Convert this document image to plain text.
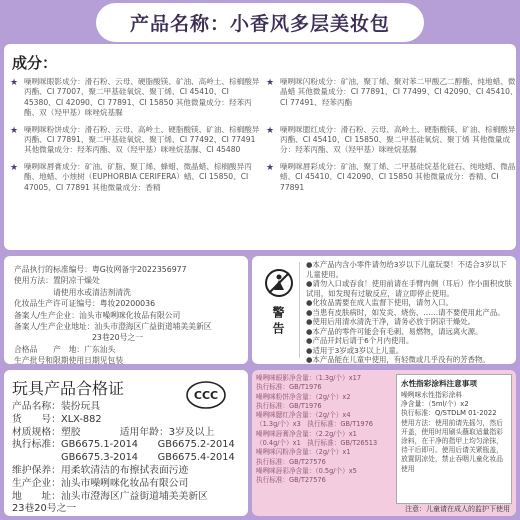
产品名称：小香风多层美妆包
成分：
★ 噪咧咪眼影成分：滑石粉、云母、硬脂酸镁、矿油、高岭土、棕榈酸异丙酯、CI 77007、聚二甲基硅氧烷、聚丁烯、CI 45410、CI 45380、CI 42090、CI 77891、CI 15850 其他微量成分：羟苯丙酯、双（羟甲基）咪唑烷基脲
★ 噪咧咪闪粉成分：矿油、聚丁烯、聚对苯二甲酸乙二醇酯、纯地蜡、微晶蜡 其他微量成分：CI 77891、CI 77499、CI 42090、CI 45410、CI 77491、羟苯丙酯
★ 噪咧咪粉饼成分：滑石粉、云母、高岭土、硬脂酸镁、矿油、棕榈酸异丙酯、CI 77891、聚二甲基硅氧烷、聚丁烯、CI 77492、CI 77491 其他微量成分：羟苯丙酯、双（羟甲基）咪唑烷基脲、CI 45480
★ 噪咧咪腮红成分：滑石粉、云母、高岭土、硬脂酸镁、矿油、棕榈酸异丙酯、CI 45410、CI 15850、聚二甲基硅氧烷、聚丁烯 其他微量成分：羟苯丙酯、双（羟甲基）咪唑烷基脲
★ 噪咧咪唇膏成分：矿油、矿脂、聚丁烯、蜂蜡、微晶蜡、棕榈酸异丙酯、地蜡、小烛树（EUPHORBIA CERIFERA）蜡、CI 15850、CI 47005、CI 77891 其他微量成分：香精
★ 噪咧咪唇彩成分：矿油、聚丁烯、二甲基硅烷基化硅石、纯地蜡、微晶蜡、CI 45410、CI 42090、CI 15850 其他微量成分：香精、CI 77891
产品执行的标准编号：粤G妆网备字2022356977
使用方法：置阴凉干燥处
　　　　　请使用水或清洁剂清洗
化妆品生产许可证编号：粤妆20200036
备案人/生产企业：汕头市噪咧咪化妆品有限公司
备案人/生产企业地址：汕头市澄海区广益街道埔美美新区
　　　　　　　　　　23巷20号之一
合格品　　产　地：广东汕头
生产批号和限期使用日期见包装
警告
●本产品内含小零件请勿给3岁以下儿童玩耍！不适合3岁以下儿童使用。
●请勿入口或吞食！使用前请在手臂内侧（耳后）作小面积皮肤试用，如发现有过敏反应，请立即停止使用。
●化妆品需要在成人监督下使用，请勿入口。
●当患有皮肤病时，如发炎、烧伤、……请不要使用此产品。
●使用后用清水清洗干净，请务必放于阴凉干燥处。
●本产品的零件可能会有毛刺、易燃物，请远离火源。
●产品开封后请于6个月内使用。
●适用于3岁或3岁以上儿童。
●本产品能在儿童中使用，有轻微或几乎没有的芳香物。
玩具产品合格证	CCC
产品名称：装扮玩具
货　　号：XLX-882
材质规格：塑胶　　　　适用年龄：3岁及以上
执行标准：GB6675.1-2014　　GB6675.2-2014
　　　　　GB6675.3-2014　　GB6675.4-2014
维护保养：用柔软清洁的布擦拭表面污迹
生产企业：汕头市噪咧咪化妆品有限公司
地　　址：汕头市澄海区广益街道埔美美新区
23巷20号之一
噪咧咪眼影净含量：（1.3g/个）x17
执行标准：GB/T1976
噪咧咪粉饼净含量：（2g/个）x2
执行标准：GB/T1976
噪咧咪腮红净含量：（2g/个）x4
（1.3g/个）x3　执行标准：GB/T1976
噪咧咪唇膏净含量：（2.2g/个）x1
（0.4g/个）x1　执行标准：GB/T26513
噪咧咪闪粉净含量：（2g/个）x1
执行标准：GB/T27576
噪咧咪唇彩净含量：（0.5g/个）x5
执行标准：GB/T27576
水性指彩涂料注意事项
噪咧咪水性指彩涂料
净含量：（5ml/个）x2
执行标准：Q/STDLM 01-2022
使用方法：使用前请先摇匀，然后开盖，使用时用刷头蘸取适量指彩涂料，在干净的指甲上均匀涂抹，待干后即可。使用后请关紧瓶盖，放置阴凉处，禁止吞咽儿童化妆品使用
注意：儿童请在成人的监护下使用
